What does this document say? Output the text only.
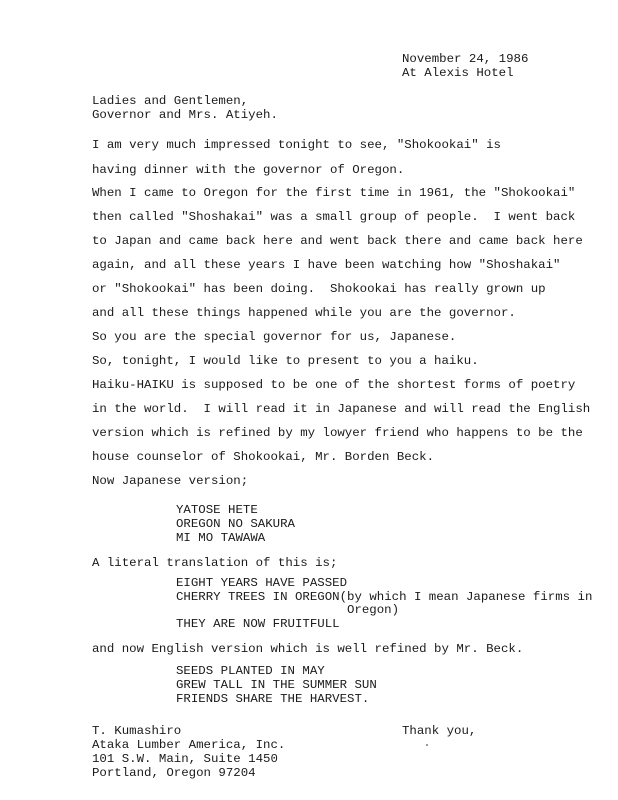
November 24, 1986
At Alexis Hotel
Ladies and Gentlemen,
Governor and Mrs. Atiyeh.

I am very much impressed tonight to see, "Shokookai" is

having dinner with the governor of Oregon.

When I came to Oregon for the first time in 1961, the "Shokookai"

then called "Shoshakai" was a small group of people.  I went back

to Japan and came back here and went back there and came back here

again, and all these years I have been watching how "Shoshakai"

or "Shokookai" has been doing.  Shokookai has really grown up

and all these things happened while you are the governor.

So you are the special governor for us, Japanese.

So, tonight, I would like to present to you a haiku.

Haiku-HAIKU is supposed to be one of the shortest forms of poetry

in the world.  I will read it in Japanese and will read the English

version which is refined by my lowyer friend who happens to be the

house counselor of Shokookai, Mr. Borden Beck.

Now Japanese version;

YATOSE HETE
OREGON NO SAKURA
MI MO TAWAWA
A literal translation of this is;
EIGHT YEARS HAVE PASSED
CHERRY TREES IN OREGON(by which I mean Japanese firms in
Oregon)
THEY ARE NOW FRUITFULL
and now English version which is well refined by Mr. Beck.
SEEDS PLANTED IN MAY
GREW TALL IN THE SUMMER SUN
FRIENDS SHARE THE HARVEST.
Thank you,
T. Kumashiro
Ataka Lumber America, Inc.
101 S.W. Main, Suite 1450
Portland, Oregon 97204
